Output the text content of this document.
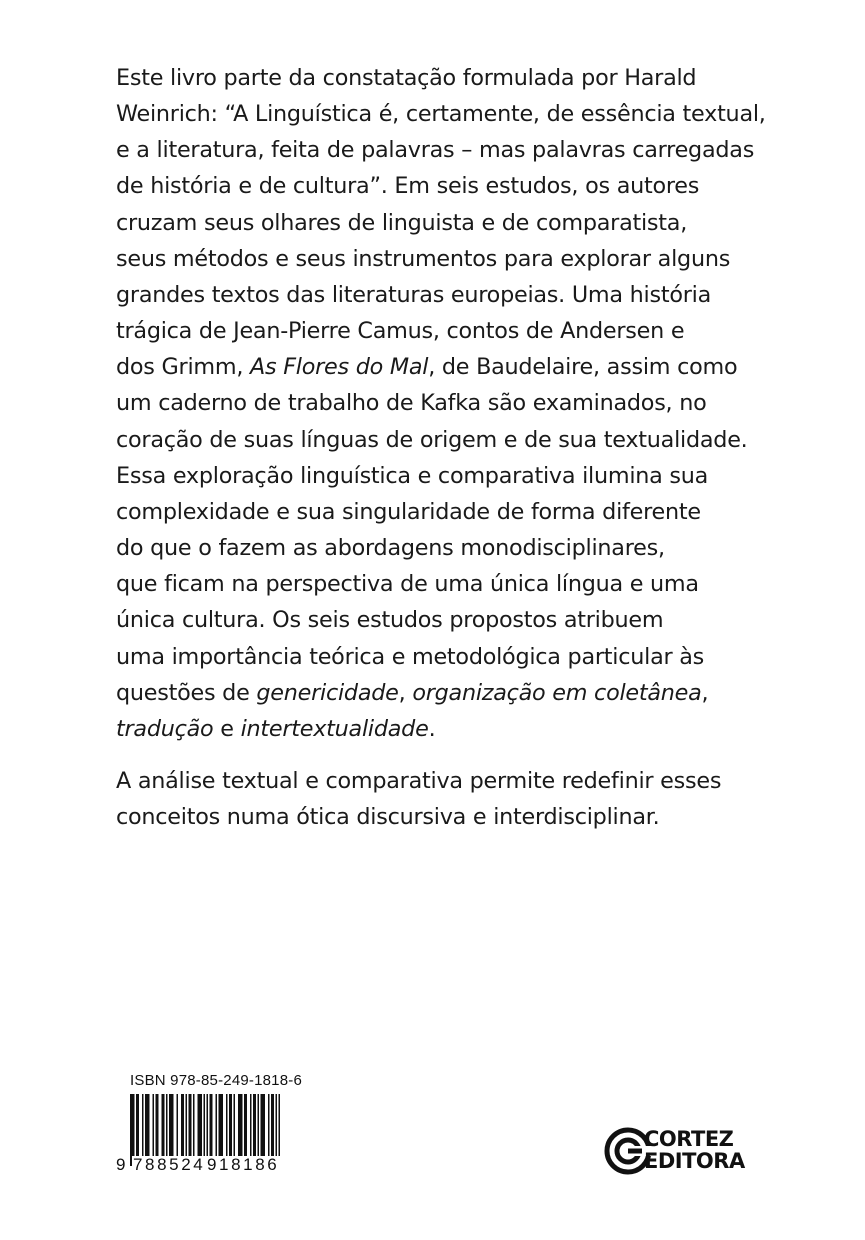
Este livro parte da constatação formulada por Harald
Weinrich: “A Linguística é, certamente, de essência textual,
e a literatura, feita de palavras – mas palavras carregadas
de história e de cultura”. Em seis estudos, os autores
cruzam seus olhares de linguista e de comparatista,
seus métodos e seus instrumentos para explorar alguns
grandes textos das literaturas europeias. Uma história
trágica de Jean-Pierre Camus, contos de Andersen e
dos Grimm, As Flores do Mal, de Baudelaire, assim como
um caderno de trabalho de Kafka são examinados, no
coração de suas línguas de origem e de sua textualidade.
Essa exploração linguística e comparativa ilumina sua
complexidade e sua singularidade de forma diferente
do que o fazem as abordagens monodisciplinares,
que ficam na perspectiva de uma única língua e uma
única cultura. Os seis estudos propostos atribuem
uma importância teórica e metodológica particular às
questões de genericidade, organização em coletânea,
tradução e intertextualidade.
A análise textual e comparativa permite redefinir esses
conceitos numa ótica discursiva e interdisciplinar.
ISBN 978-85-249-1818-6
9 788524 918186
CORTEZ
EDITORA
